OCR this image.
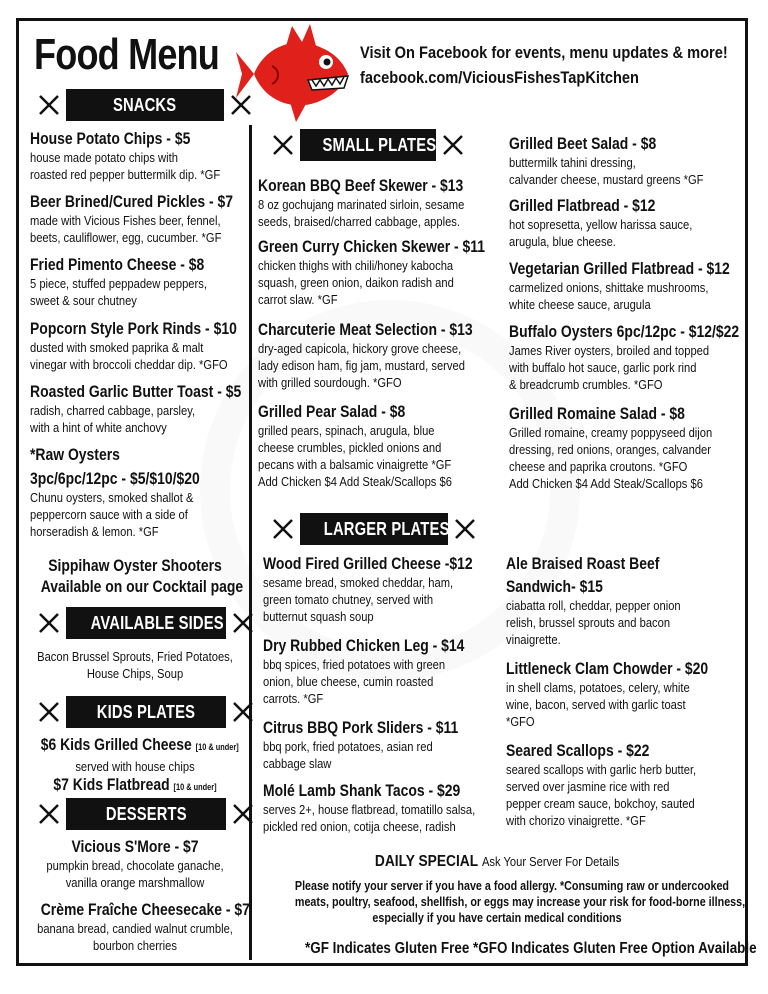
Food Menu	Visit On Facebook for events, menu updates & more!
facebook.com/ViciousFishesTapKitchen
SNACKS
House Potato Chips - $5
house made potato chips with
roasted red pepper buttermilk dip. *GF
Beer Brined/Cured Pickles - $7
made with Vicious Fishes beer, fennel,
beets, cauliflower, egg, cucumber. *GF
Fried Pimento Cheese - $8
5 piece, stuffed peppadew peppers,
sweet & sour chutney
Popcorn Style Pork Rinds - $10
dusted with smoked paprika & malt
vinegar with broccoli cheddar dip. *GFO
Roasted Garlic Butter Toast - $5
radish, charred cabbage, parsley,
with a hint of white anchovy
*Raw Oysters
3pc/6pc/12pc - $5/$10/$20
Chunu oysters, smoked shallot &
peppercorn sauce with a side of
horseradish & lemon. *GF
Sippihaw Oyster Shooters
Available on our Cocktail page
AVAILABLE SIDES
Bacon Brussel Sprouts, Fried Potatoes,
House Chips, Soup
KIDS PLATES
$6 Kids Grilled Cheese [10 & under]
served with house chips
$7 Kids Flatbread [10 & under]
DESSERTS
Vicious S'More - $7
pumpkin bread, chocolate ganache,
vanilla orange marshmallow
Crème Fraîche Cheesecake - $7
banana bread, candied walnut crumble,
bourbon cherries
SMALL PLATES
Korean BBQ Beef Skewer - $13
8 oz gochujang marinated sirloin, sesame
seeds, braised/charred cabbage, apples.
Green Curry Chicken Skewer - $11
chicken thighs with chili/honey kabocha
squash, green onion, daikon radish and
carrot slaw. *GF
Charcuterie Meat Selection - $13
dry-aged capicola, hickory grove cheese,
lady edison ham, fig jam, mustard, served
with grilled sourdough. *GFO
Grilled Pear Salad - $8
grilled pears, spinach, arugula, blue
cheese crumbles, pickled onions and
pecans with a balsamic vinaigrette *GF
Add Chicken $4 Add Steak/Scallops $6
Grilled Beet Salad - $8
buttermilk tahini dressing,
calvander cheese, mustard greens *GF
Grilled Flatbread - $12
hot sopresetta, yellow harissa sauce,
arugula, blue cheese.
Vegetarian Grilled Flatbread - $12
carmelized onions, shittake mushrooms,
white cheese sauce, arugula
Buffalo Oysters 6pc/12pc - $12/$22
James River oysters, broiled and topped
with buffalo hot sauce, garlic pork rind
& breadcrumb crumbles. *GFO
Grilled Romaine Salad - $8
Grilled romaine, creamy poppyseed dijon
dressing, red onions, oranges, calvander
cheese and paprika croutons. *GFO
Add Chicken $4 Add Steak/Scallops $6
LARGER PLATES
Wood Fired Grilled Cheese -$12
sesame bread, smoked cheddar, ham,
green tomato chutney, served with
butternut squash soup
Dry Rubbed Chicken Leg - $14
bbq spices, fried potatoes with green
onion, blue cheese, cumin roasted
carrots. *GF
Citrus BBQ Pork Sliders - $11
bbq pork, fried potatoes, asian red
cabbage slaw
Molé Lamb Shank Tacos - $29
serves 2+, house flatbread, tomatillo salsa,
pickled red onion, cotija cheese, radish
Ale Braised Roast Beef
Sandwich- $15
ciabatta roll, cheddar, pepper onion
relish, brussel sprouts and bacon
vinaigrette.
Littleneck Clam Chowder - $20
in shell clams, potatoes, celery, white
wine, bacon, served with garlic toast
*GFO
Seared Scallops - $22
seared scallops with garlic herb butter,
served over jasmine rice with red
pepper cream sauce, bokchoy, sauted
with chorizo vinaigrette. *GF
DAILY SPECIAL Ask Your Server For Details
Please notify your server if you have a food allergy. *Consuming raw or undercooked
meats, poultry, seafood, shellfish, or eggs may increase your risk for food-borne illness,
especially if you have certain medical conditions
*GF Indicates Gluten Free *GFO Indicates Gluten Free Option Available
